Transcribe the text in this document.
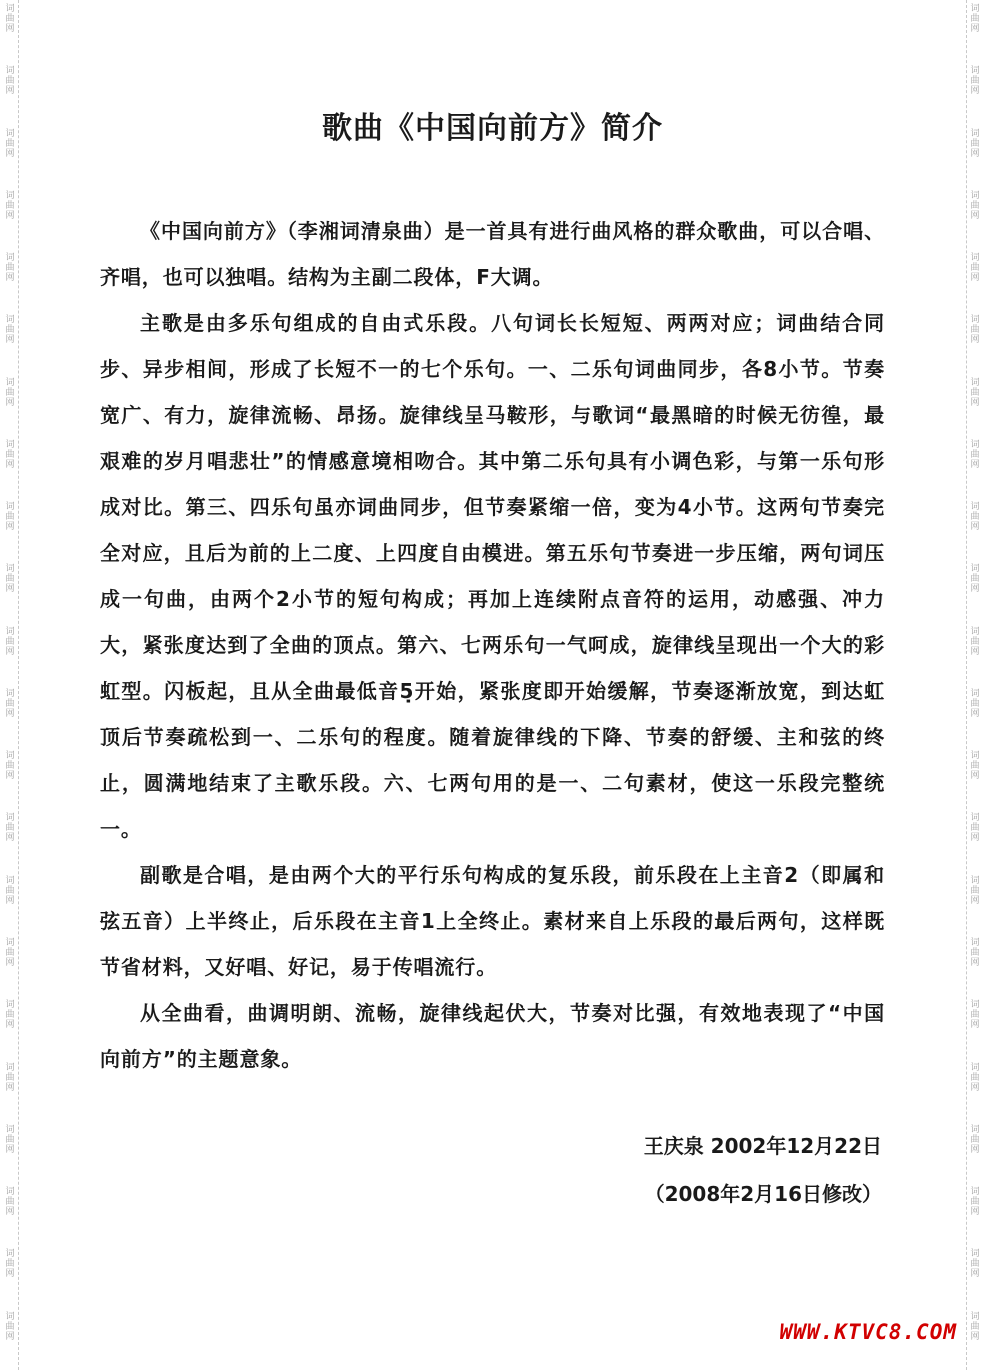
词
曲
网
词
曲
网
词
曲
网
词
曲
网
词
曲
网
词
曲
网
词
曲
网
词
曲
网
词
曲
网
词
曲
网
词
曲
网
词
曲
网
词
曲
网
词
曲
网
词
曲
网
词
曲
网
词
曲
网
词
曲
网
词
曲
网
词
曲
网
词
曲
网
词
曲
网
词
曲
网
词
曲
网
词
曲
网
词
曲
网
词
曲
网
词
曲
网
词
曲
网
词
曲
网
词
曲
网
词
曲
网
词
曲
网
词
曲
网
词
曲
网
词
曲
网
词
曲
网
词
曲
网
词
曲
网
词
曲
网
词
曲
网
词
曲
网
词
曲
网
词
曲
网
歌曲《中国向前方》简介

《中国向前方》（李湘词清泉曲）是一首具有进行曲风格的群众歌曲，可以合唱、齐唱，也可以独唱。结构为主副二段体，F大调。

主歌是由多乐句组成的自由式乐段。八句词长长短短、两两对应；词曲结合同步、异步相间，形成了长短不一的七个乐句。一、二乐句词曲同步，各8小节。节奏宽广、有力，旋律流畅、昂扬。旋律线呈马鞍形，与歌词“最黑暗的时候无彷徨，最艰难的岁月唱悲壮”的情感意境相吻合。其中第二乐句具有小调色彩，与第一乐句形成对比。第三、四乐句虽亦词曲同步，但节奏紧缩一倍，变为4小节。这两句节奏完全对应，且后为前的上二度、上四度自由模进。第五乐句节奏进一步压缩，两句词压成一句曲，由两个2小节的短句构成；再加上连续附点音符的运用，动感强、冲力大，紧张度达到了全曲的顶点。第六、七两乐句一气呵成，旋律线呈现出一个大的彩虹型。闪板起，且从全曲最低音5̣开始，紧张度即开始缓解，节奏逐渐放宽，到达虹顶后节奏疏松到一、二乐句的程度。随着旋律线的下降、节奏的舒缓、主和弦的终止，圆满地结束了主歌乐段。六、七两句用的是一、二句素材，使这一乐段完整统一。

副歌是合唱，是由两个大的平行乐句构成的复乐段，前乐段在上主音2（即属和弦五音）上半终止，后乐段在主音1上全终止。素材来自上乐段的最后两句，这样既节省材料，又好唱、好记，易于传唱流行。

从全曲看，曲调明朗、流畅，旋律线起伏大，节奏对比强，有效地表现了“中国向前方”的主题意象。

王庆泉 2002年12月22日
（2008年2月16日修改）
WWW.KTVC8.COM
